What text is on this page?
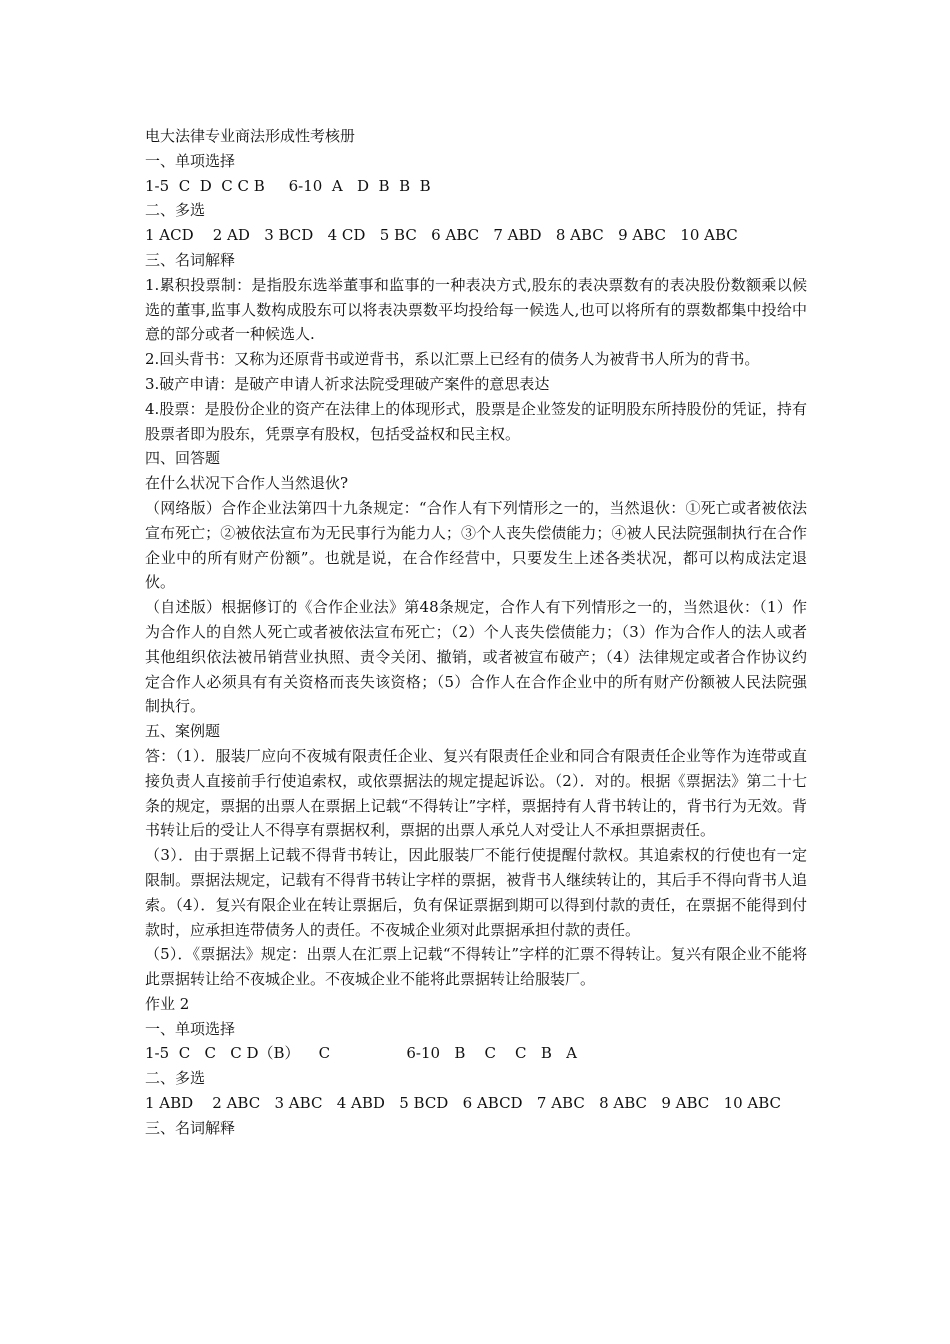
电大法律专业商法形成性考核册

一、单项选择

1-5  C  D  C C B     6-10  A   D  B  B  B

二、多选

1 ACD    2 AD   3 BCD   4 CD   5 BC   6 ABC   7 ABD   8 ABC   9 ABC   10 ABC

三、名词解释

1.累积投票制：是指股东选举董事和监事的一种表决方式,股东的表决票数有的表决股份数额乘以候选的董事,监事人数构成股东可以将表决票数平均投给每一候选人,也可以将所有的票数都集中投给中意的部分或者一种候选人.

2.回头背书：又称为还原背书或逆背书，系以汇票上已经有的债务人为被背书人所为的背书。

3.破产申请：是破产申请人祈求法院受理破产案件的意思表达

4.股票：是股份企业的资产在法律上的体现形式，股票是企业签发的证明股东所持股份的凭证，持有股票者即为股东，凭票享有股权，包括受益权和民主权。

四、回答题

在什么状况下合作人当然退伙?

（网络版）合作企业法第四十九条规定：“合作人有下列情形之一的，当然退伙：①死亡或者被依法宣布死亡；②被依法宣布为无民事行为能力人；③个人丧失偿债能力；④被人民法院强制执行在合作企业中的所有财产份额”。也就是说，在合作经营中，只要发生上述各类状况，都可以构成法定退伙。

（自述版）根据修订的《合作企业法》第48条规定，合作人有下列情形之一的，当然退伙：（1）作为合作人的自然人死亡或者被依法宣布死亡；（2）个人丧失偿债能力；（3）作为合作人的法人或者其他组织依法被吊销营业执照、责令关闭、撤销，或者被宣布破产；（4）法律规定或者合作协议约定合作人必须具有有关资格而丧失该资格；（5）合作人在合作企业中的所有财产份额被人民法院强制执行。

五、案例题

答：（1）．服装厂应向不夜城有限责任企业、复兴有限责任企业和同合有限责任企业等作为连带或直接负责人直接前手行使追索权，或依票据法的规定提起诉讼。（2）．对的。根据《票据法》第二十七条的规定，票据的出票人在票据上记载“不得转让”字样，票据持有人背书转让的，背书行为无效。背书转让后的受让人不得享有票据权利，票据的出票人承兑人对受让人不承担票据责任。

（3）．由于票据上记载不得背书转让，因此服装厂不能行使提醒付款权。其追索权的行使也有一定限制。票据法规定，记载有不得背书转让字样的票据，被背书人继续转让的，其后手不得向背书人追索。（4）．复兴有限企业在转让票据后，负有保证票据到期可以得到付款的责任，在票据不能得到付款时，应承担连带债务人的责任。不夜城企业须对此票据承担付款的责任。

（5）．《票据法》规定：出票人在汇票上记载“不得转让”字样的汇票不得转让。复兴有限企业不能将此票据转让给不夜城企业。不夜城企业不能将此票据转让给服装厂。

作业 2

一、单项选择

1-5  C   C   C D（B）    C                6-10   B    C    C   B   A

二、多选

1 ABD    2 ABC   3 ABC   4 ABD   5 BCD   6 ABCD   7 ABC   8 ABC   9 ABC   10 ABC

三、名词解释
